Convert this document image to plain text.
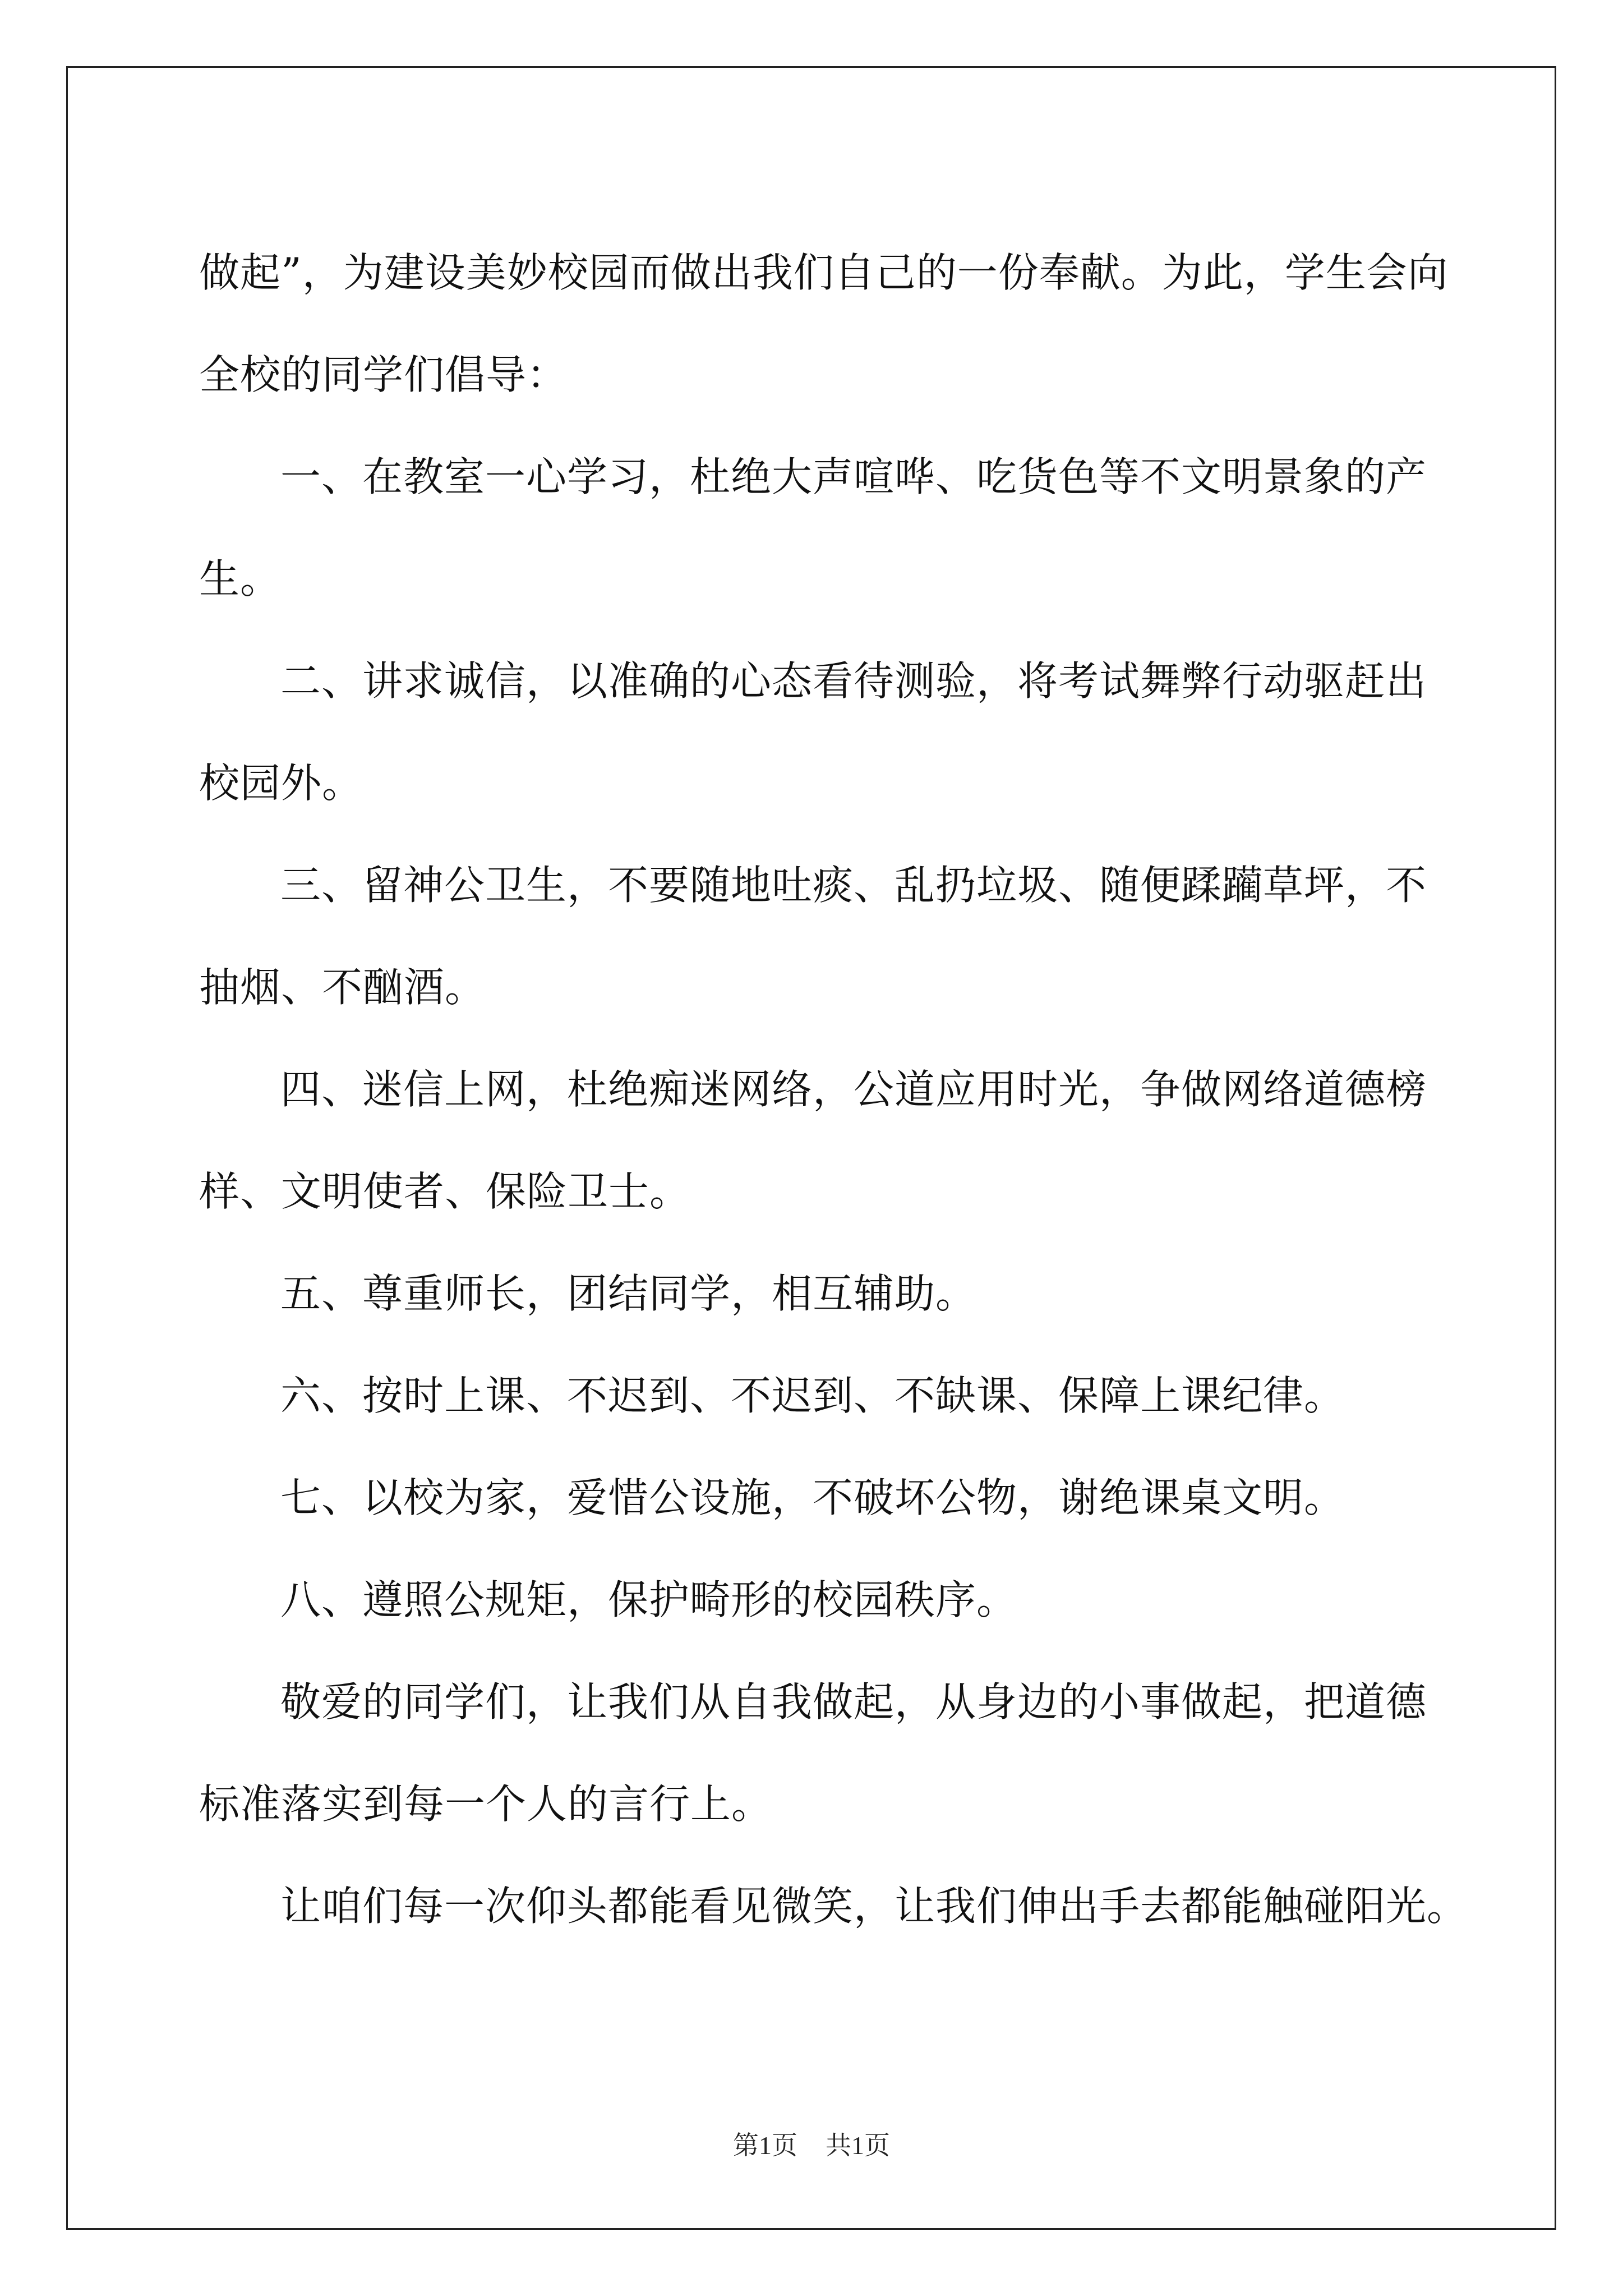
做起”，为建设美妙校园而做出我们自己的一份奉献。为此，学生会向

全校的同学们倡导：

一、在教室一心学习，杜绝大声喧哗、吃货色等不文明景象的产

生。

二、讲求诚信，以准确的心态看待测验，将考试舞弊行动驱赶出

校园外。

三、留神公卫生，不要随地吐痰、乱扔垃圾、随便蹂躏草坪，不

抽烟、不酗酒。

四、迷信上网，杜绝痴迷网络，公道应用时光，争做网络道德榜

样、文明使者、保险卫士。

五、尊重师长，团结同学，相互辅助。

六、按时上课、不迟到、不迟到、不缺课、保障上课纪律。

七、以校为家，爱惜公设施，不破坏公物，谢绝课桌文明。

八、遵照公规矩，保护畸形的校园秩序。

敬爱的同学们，让我们从自我做起，从身边的小事做起，把道德

标准落实到每一个人的言行上。

让咱们每一次仰头都能看见微笑，让我们伸出手去都能触碰阳光。

第1页 共1页
